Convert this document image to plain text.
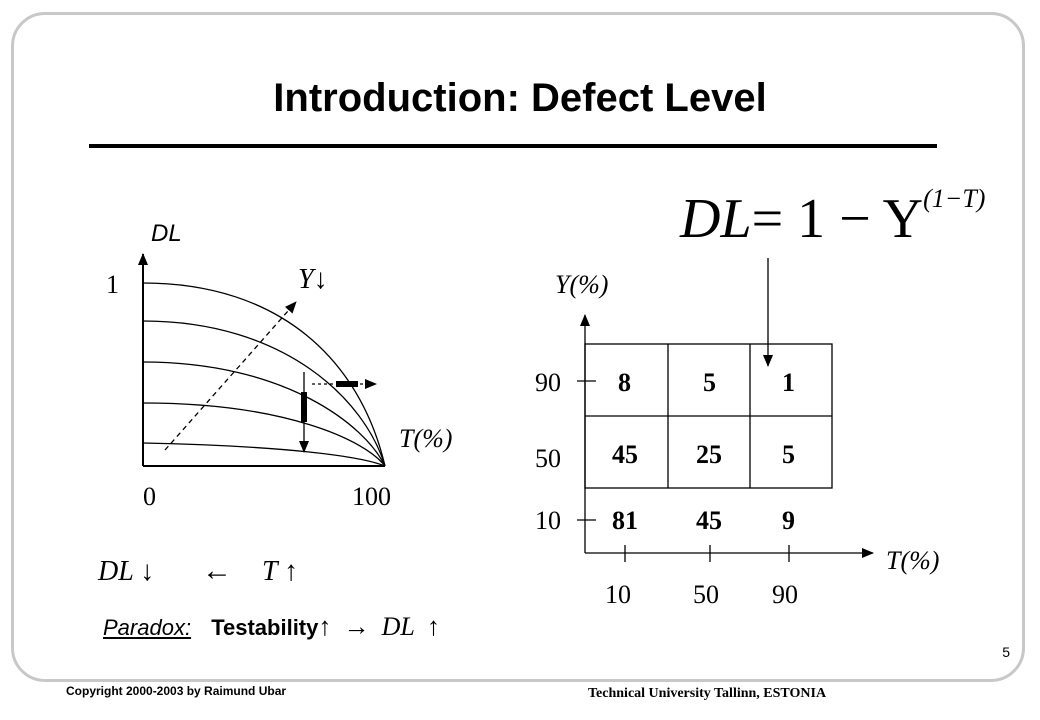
Introduction: Defect Level
DL
1
0	100
T(%)
Y↓
$DL= 1 - Y^{(1-T)}$
DL ↓ ← T ↑
Paradox: Testability↑ → DL ↑
Y(%)
T(%)
90
50
10
10 50 90
8	5	1
45 25 5
81 45 9
5
Copyright 2000-2003 by Raimund Ubar	Technical University Tallinn, ESTONIA
